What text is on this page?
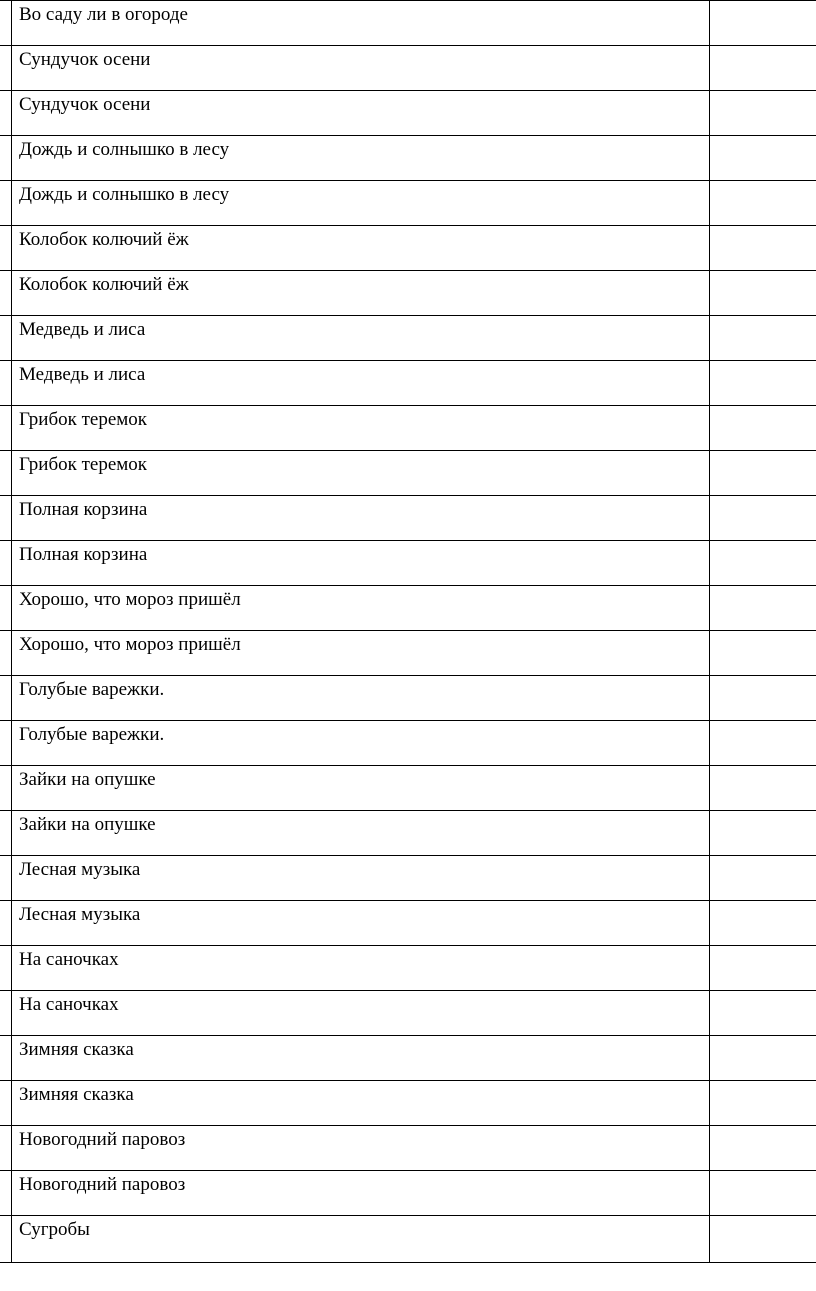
	Во саду ли в огороде	

	Сундучок осени	

	Сундучок осени	

	Дождь и солнышко в лесу	

	Дождь и солнышко в лесу	

	Колобок колючий ёж	

	Колобок колючий ёж	

	Медведь и лиса	

	Медведь и лиса	

	Грибок теремок	

	Грибок теремок	

	Полная корзина	

	Полная корзина	

	Хорошо, что мороз пришёл	

	Хорошо, что мороз пришёл	

	Голубые варежки.	

	Голубые варежки.	

	Зайки на опушке	

	Зайки на опушке	

	Лесная музыка	

	Лесная музыка	

	На саночках	

	На саночках	

	Зимняя сказка	

	Зимняя сказка	

	Новогодний паровоз	

	Новогодний паровоз	

	Сугробы	
